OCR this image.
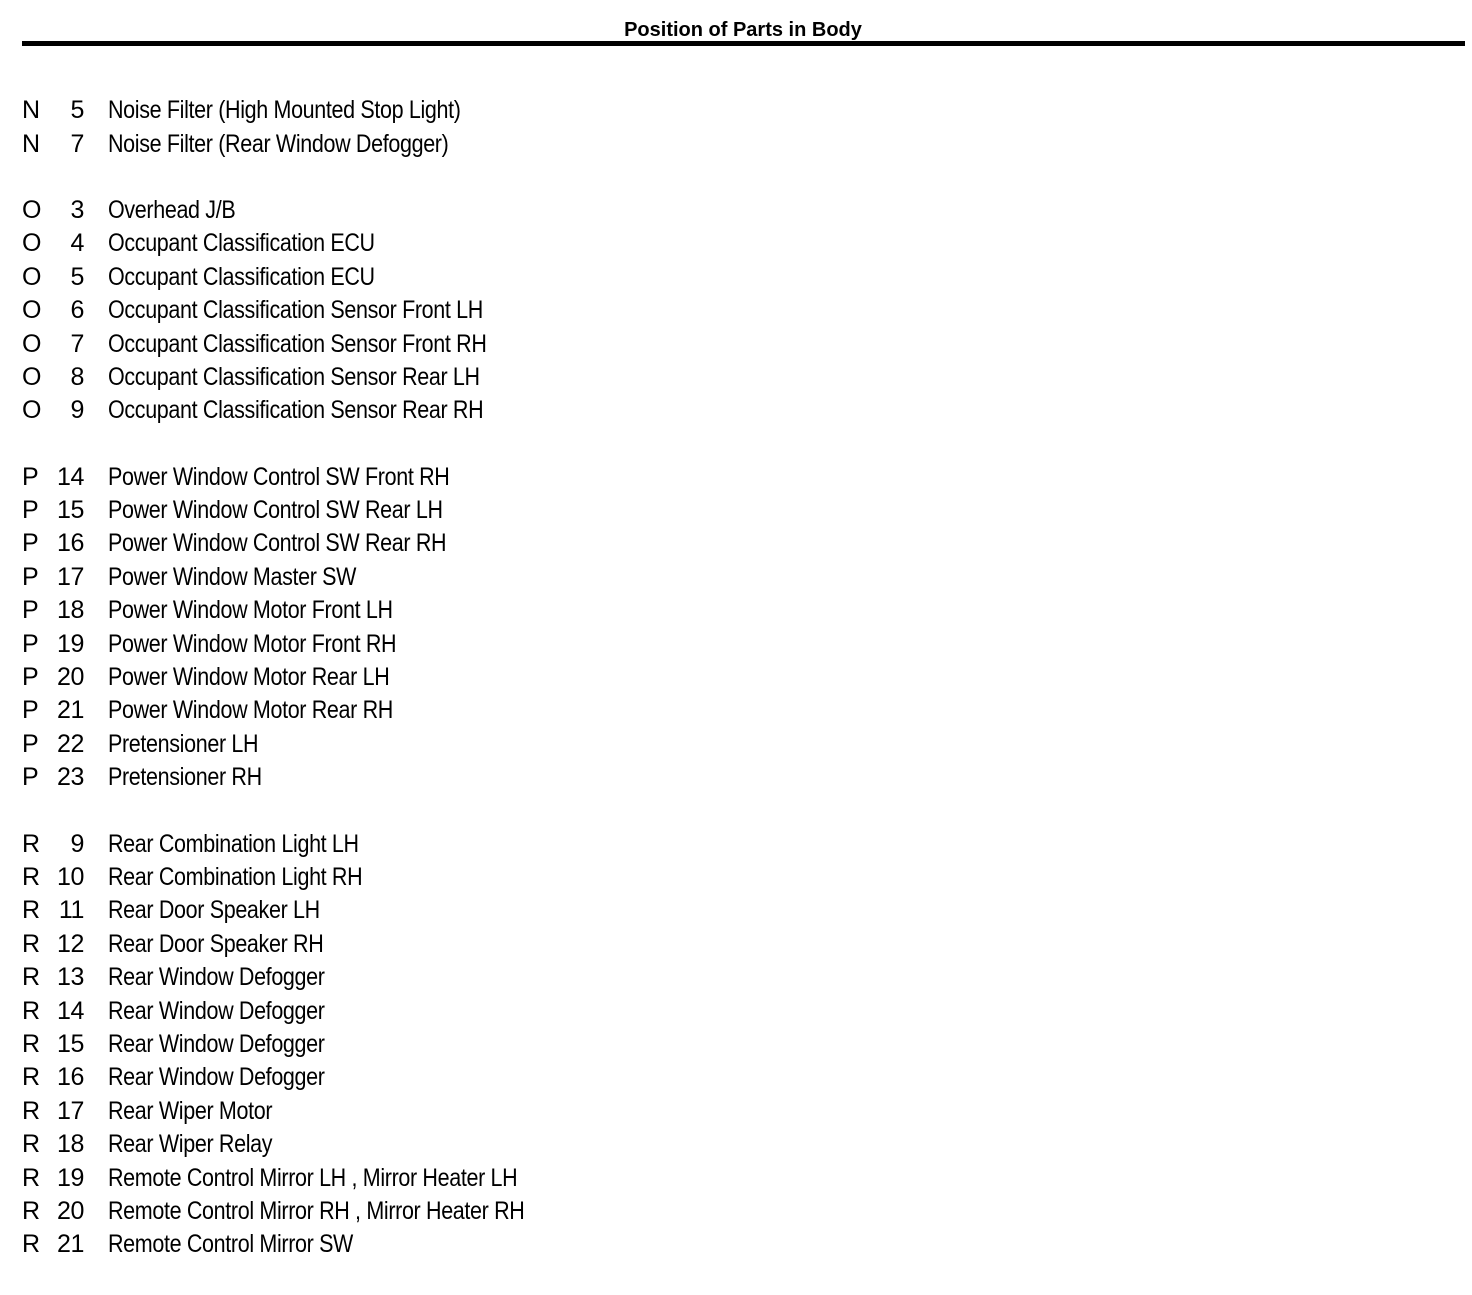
Position of Parts in Body
N	5 Noise Filter (High Mounted Stop Light)
N	7 Noise Filter (Rear Window Defogger)
O	3 Overhead J/B
O	4 Occupant Classification ECU
O	5 Occupant Classification ECU
O	6 Occupant Classification Sensor Front LH
O	7 Occupant Classification Sensor Front RH
O	8 Occupant Classification Sensor Rear LH
O	9 Occupant Classification Sensor Rear RH
P 14 Power Window Control SW Front RH
P 15 Power Window Control SW Rear LH
P 16 Power Window Control SW Rear RH
P 17 Power Window Master SW
P 18 Power Window Motor Front LH
P 19 Power Window Motor Front RH
P 20 Power Window Motor Rear LH
P 21 Power Window Motor Rear RH
P 22 Pretensioner LH
P 23 Pretensioner RH
R	9 Rear Combination Light LH
R 10 Rear Combination Light RH
R 11 Rear Door Speaker LH
R 12 Rear Door Speaker RH
R 13 Rear Window Defogger
R 14 Rear Window Defogger
R 15 Rear Window Defogger
R 16 Rear Window Defogger
R 17 Rear Wiper Motor
R 18 Rear Wiper Relay
R 19 Remote Control Mirror LH , Mirror Heater LH
R 20 Remote Control Mirror RH , Mirror Heater RH
R 21 Remote Control Mirror SW
